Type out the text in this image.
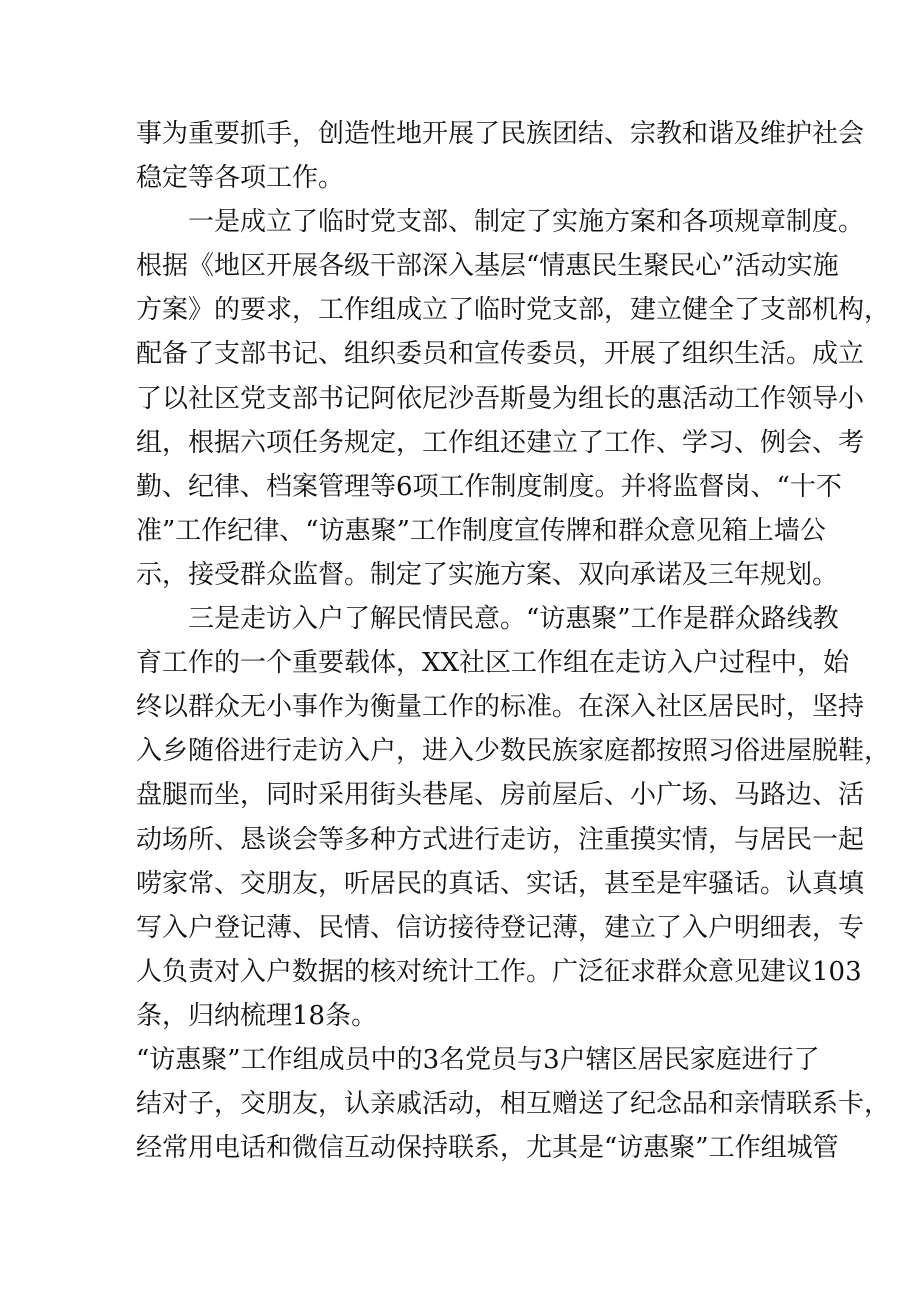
事为重要抓手，创造性地开展了民族团结、宗教和谐及维护社会
稳定等各项工作。
一是成立了临时党支部、制定了实施方案和各项规章制度。
根据《地区开展各级干部深入基层“情惠民生聚民心”活动实施
方案》的要求，工作组成立了临时党支部，建立健全了支部机构，
配备了支部书记、组织委员和宣传委员，开展了组织生活。成立
了以社区党支部书记阿依尼沙吾斯曼为组长的惠活动工作领导小
组，根据六项任务规定，工作组还建立了工作、学习、例会、考
勤、纪律、档案管理等6项工作制度制度。并将监督岗、“十不
准”工作纪律、“访惠聚”工作制度宣传牌和群众意见箱上墙公
示，接受群众监督。制定了实施方案、双向承诺及三年规划。
三是走访入户了解民情民意。“访惠聚”工作是群众路线教
育工作的一个重要载体，XX社区工作组在走访入户过程中，始
终以群众无小事作为衡量工作的标准。在深入社区居民时，坚持
入乡随俗进行走访入户，进入少数民族家庭都按照习俗进屋脱鞋，
盘腿而坐，同时采用街头巷尾、房前屋后、小广场、马路边、活
动场所、恳谈会等多种方式进行走访，注重摸实情，与居民一起
唠家常、交朋友，听居民的真话、实话，甚至是牢骚话。认真填
写入户登记薄、民情、信访接待登记薄，建立了入户明细表，专
人负责对入户数据的核对统计工作。广泛征求群众意见建议103
条，归纳梳理18条。
“访惠聚”工作组成员中的3名党员与3户辖区居民家庭进行了
结对子，交朋友，认亲戚活动，相互赠送了纪念品和亲情联系卡，
经常用电话和微信互动保持联系，尤其是“访惠聚”工作组城管
